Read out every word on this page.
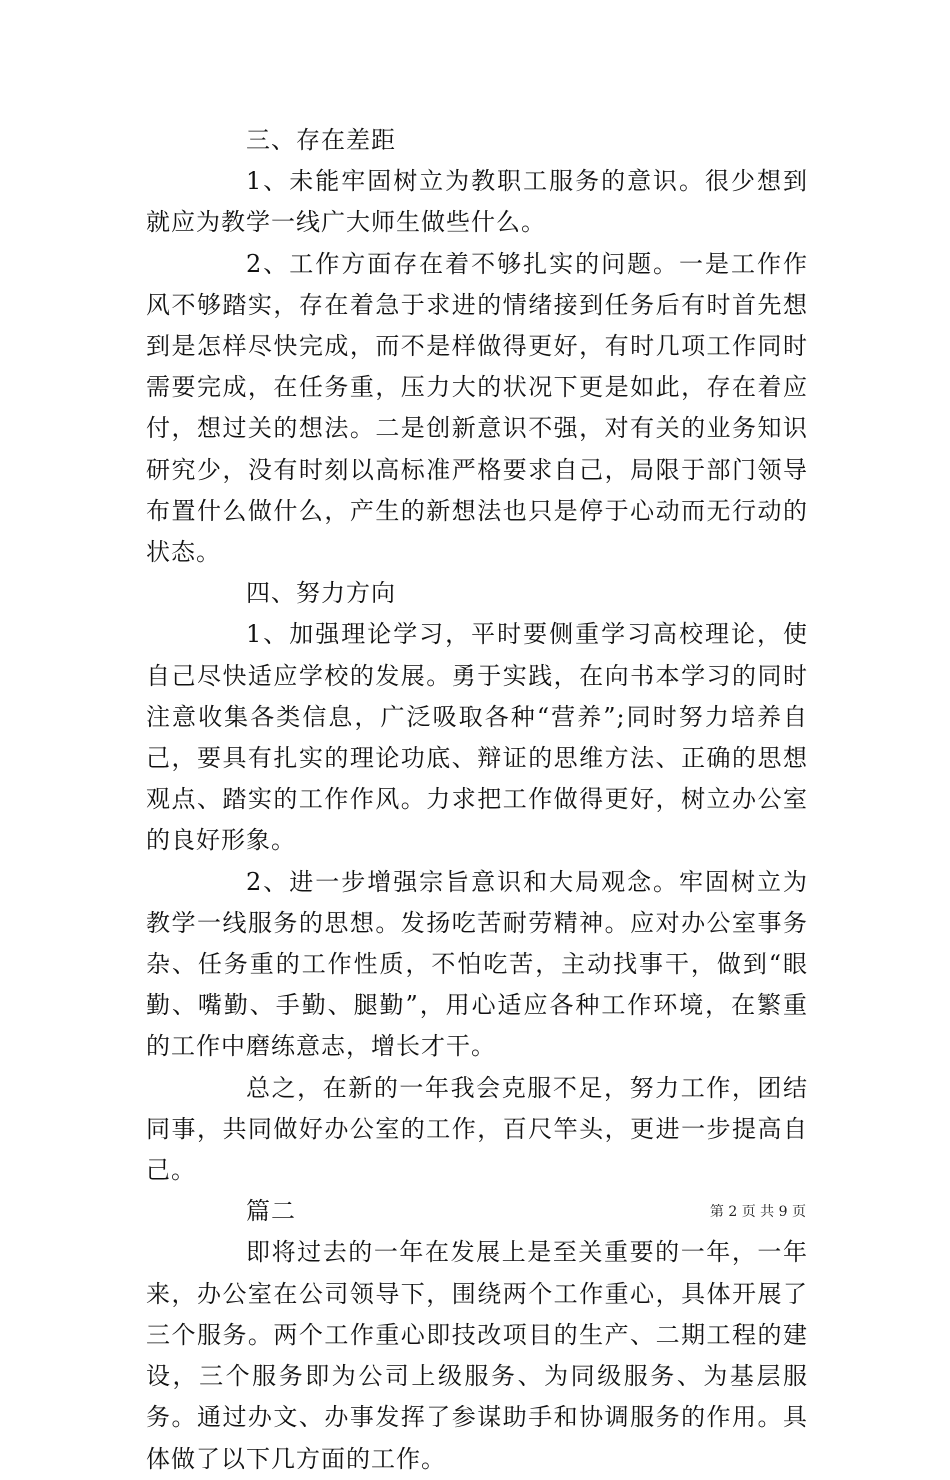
三、存在差距

1、未能牢固树立为教职工服务的意识。很少想到就应为教学一线广大师生做些什么。

2、工作方面存在着不够扎实的问题。一是工作作风不够踏实，存在着急于求进的情绪接到任务后有时首先想到是怎样尽快完成，而不是样做得更好，有时几项工作同时需要完成，在任务重，压力大的状况下更是如此，存在着应付，想过关的想法。二是创新意识不强，对有关的业务知识研究少，没有时刻以高标准严格要求自己，局限于部门领导布置什么做什么，产生的新想法也只是停于心动而无行动的状态。

四、努力方向

1、加强理论学习，平时要侧重学习高校理论，使自己尽快适应学校的发展。勇于实践，在向书本学习的同时注意收集各类信息，广泛吸取各种“营养”;同时努力培养自己，要具有扎实的理论功底、辩证的思维方法、正确的思想观点、踏实的工作作风。力求把工作做得更好，树立办公室的良好形象。

2、进一步增强宗旨意识和大局观念。牢固树立为教学一线服务的思想。发扬吃苦耐劳精神。应对办公室事务杂、任务重的工作性质，不怕吃苦，主动找事干，做到“眼勤、嘴勤、手勤、腿勤”，用心适应各种工作环境，在繁重的工作中磨练意志，增长才干。

总之，在新的一年我会克服不足，努力工作，团结同事，共同做好办公室的工作，百尺竿头，更进一步提高自己。

篇二

即将过去的一年在发展上是至关重要的一年，一年来，办公室在公司领导下，围绕两个工作重心，具体开展了三个服务。两个工作重心即技改项目的生产、二期工程的建设，三个服务即为公司上级服务、为同级服务、为基层服务。通过办文、办事发挥了参谋助手和协调服务的作用。具体做了以下几方面的工作。

第 2 页 共 9 页
